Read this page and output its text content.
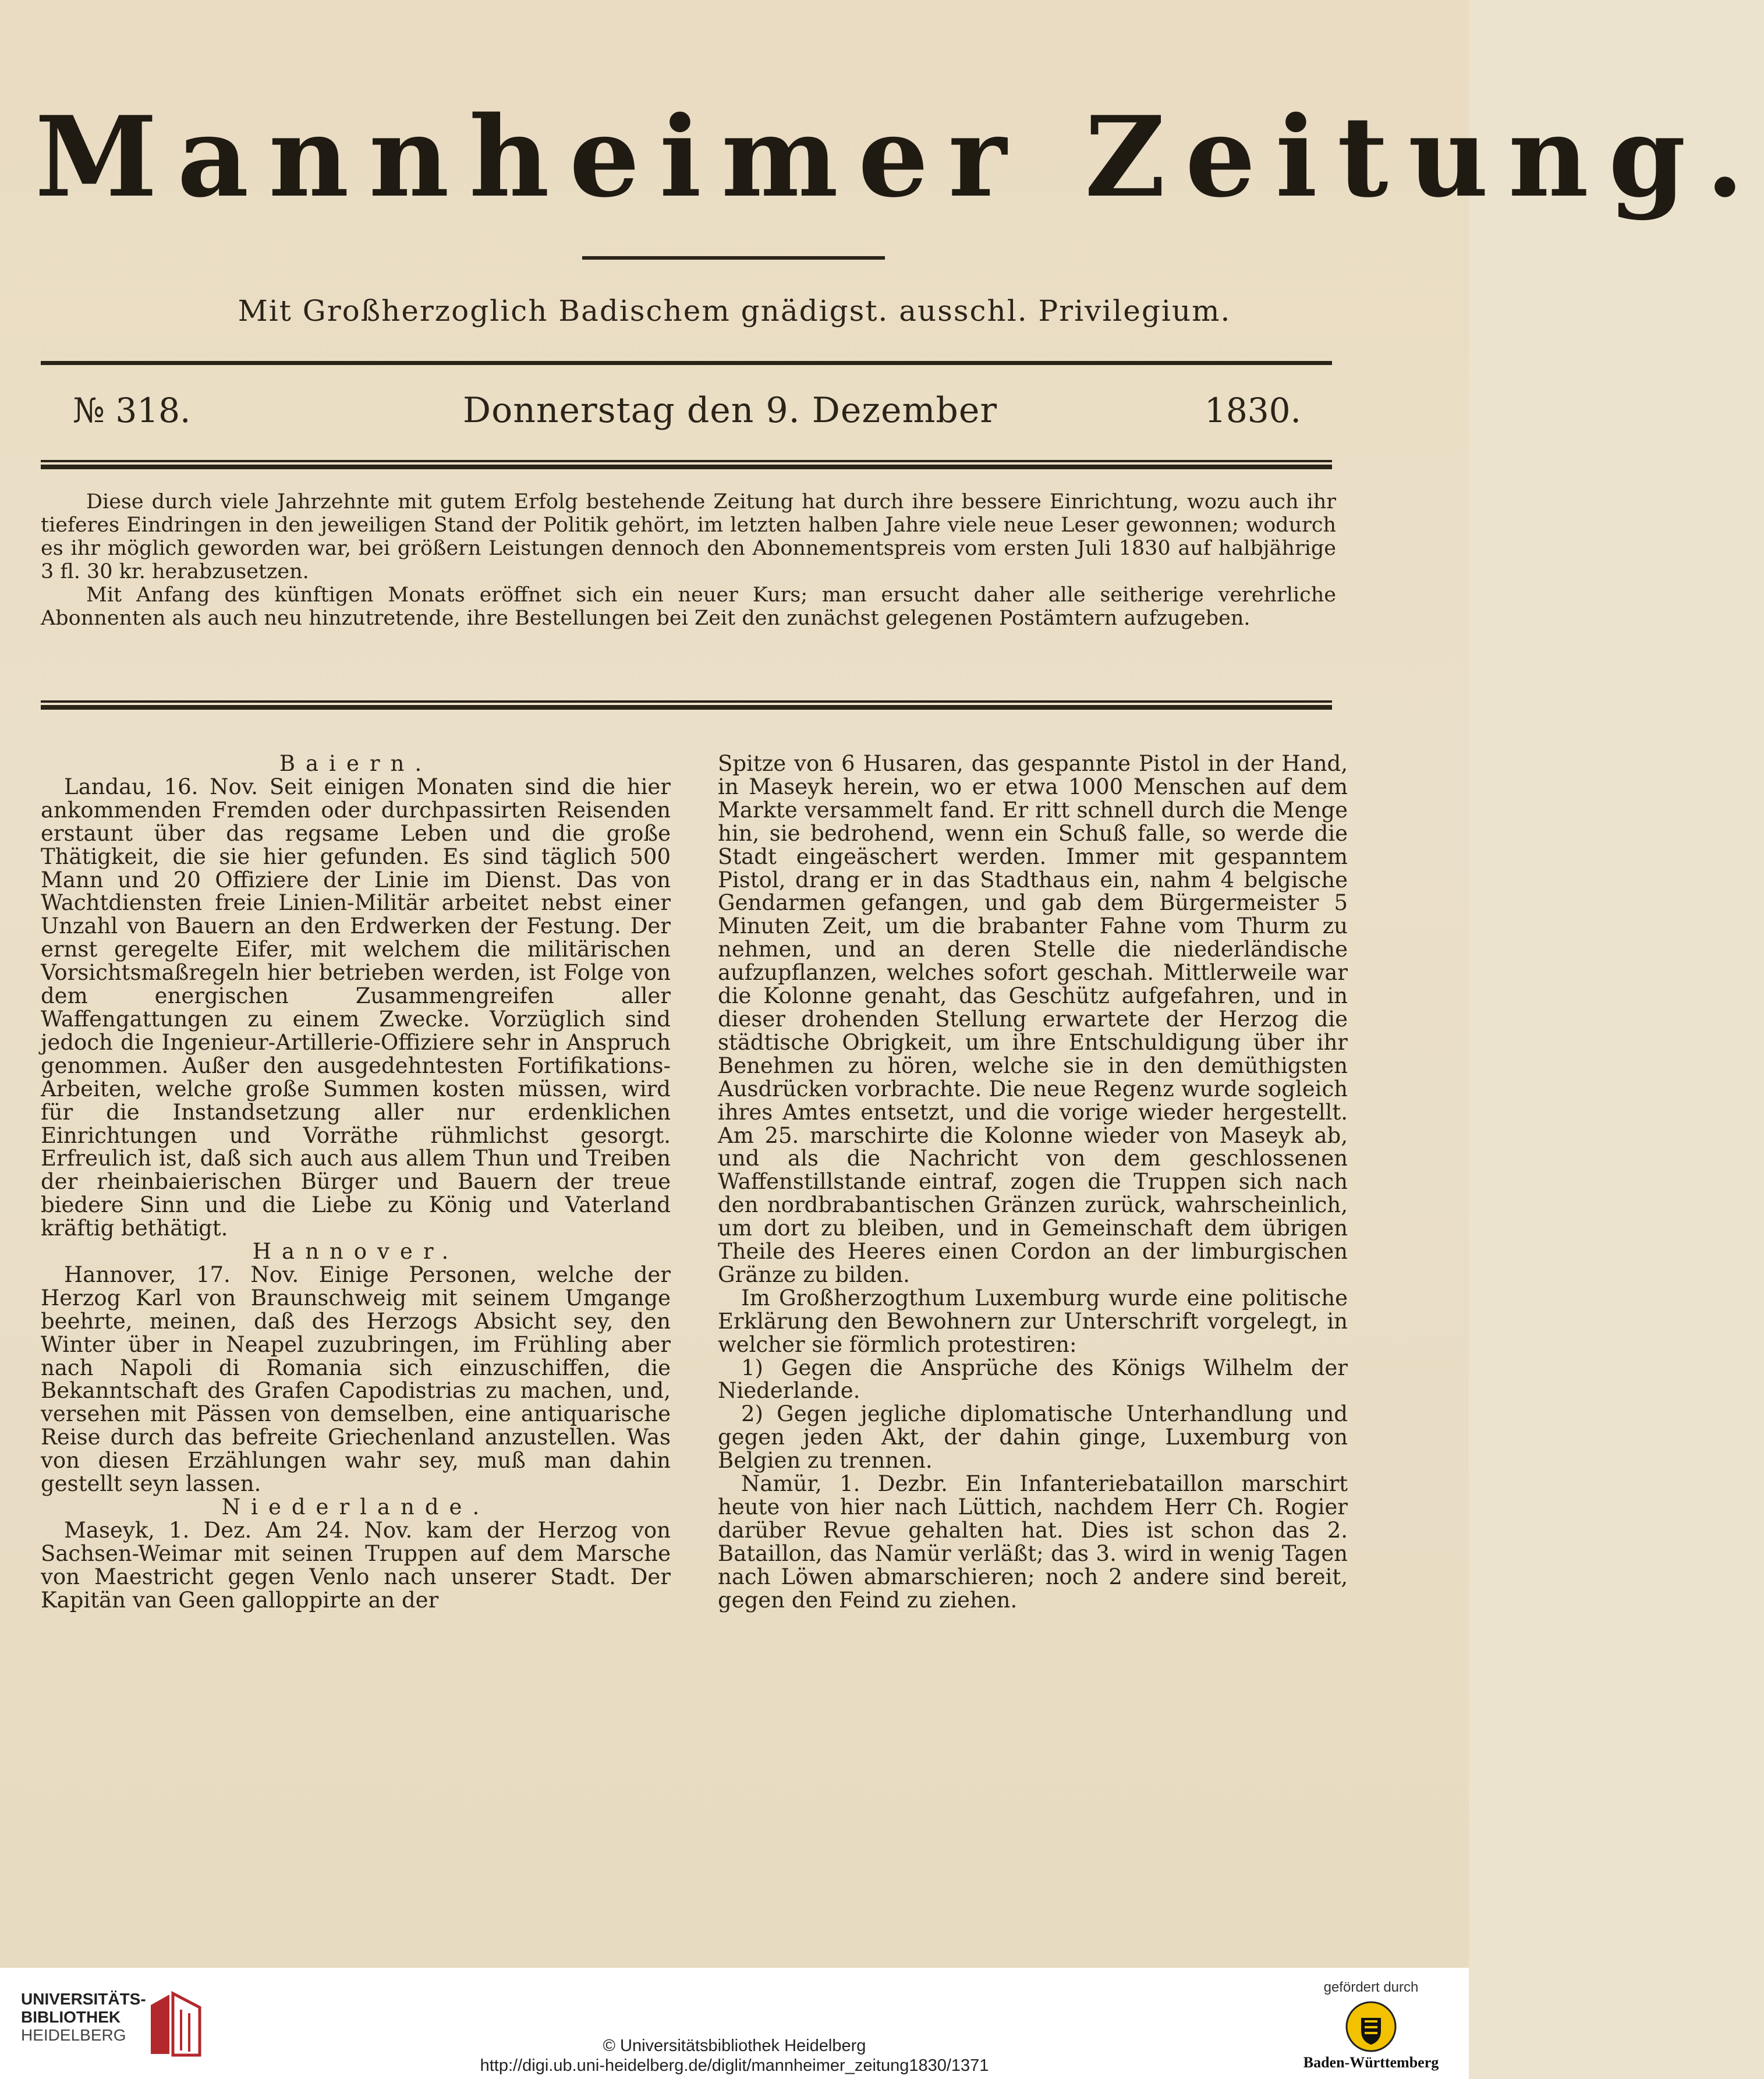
Mannheimer Zeitung.
Mit Großherzoglich Badischem gnädigst. ausschl. Privilegium.
№ 318.	Donnerstag den 9. Dezember	1830.

Diese durch viele Jahrzehnte mit gutem Erfolg bestehende Zeitung hat durch ihre bessere Einrichtung, wozu auch ihr tieferes Eindringen in den jeweiligen Stand der Politik gehört, im letzten halben Jahre viele neue Leser gewonnen; wodurch es ihr möglich geworden war, bei größern Leistungen dennoch den Abonnementspreis vom ersten Juli 1830 auf halbjährige 3 fl. 30 kr. herabzusetzen.

Mit Anfang des künftigen Monats eröffnet sich ein neuer Kurs; man ersucht daher alle seitherige verehrliche Abonnenten als auch neu hinzutretende, ihre Bestellungen bei Zeit den zunächst gelegenen Postämtern aufzugeben.

Baiern.

Landau, 16. Nov. Seit einigen Monaten sind die hier ankommenden Fremden oder durchpassirten Reisenden erstaunt über das regsame Leben und die große Thätigkeit, die sie hier gefunden. Es sind täglich 500 Mann und 20 Offiziere der Linie im Dienst. Das von Wachtdiensten freie Linien-Militär arbeitet nebst einer Unzahl von Bauern an den Erdwerken der Festung. Der ernst geregelte Eifer, mit welchem die militärischen Vorsichtsmaßregeln hier betrieben werden, ist Folge von dem energischen Zusammengreifen aller Waffengattungen zu einem Zwecke. Vorzüglich sind jedoch die Ingenieur-Artillerie-Offiziere sehr in Anspruch genommen. Außer den ausgedehntesten Fortifikations-Arbeiten, welche große Summen kosten müssen, wird für die Instandsetzung aller nur erdenklichen Einrichtungen und Vorräthe rühmlichst gesorgt. Erfreulich ist, daß sich auch aus allem Thun und Treiben der rheinbaierischen Bürger und Bauern der treue biedere Sinn und die Liebe zu König und Vaterland kräftig bethätigt.

Hannover.

Hannover, 17. Nov. Einige Personen, welche der Herzog Karl von Braunschweig mit seinem Umgange beehrte, meinen, daß des Herzogs Absicht sey, den Winter über in Neapel zuzubringen, im Frühling aber nach Napoli di Romania sich einzuschiffen, die Bekanntschaft des Grafen Capodistrias zu machen, und, versehen mit Pässen von demselben, eine antiquarische Reise durch das befreite Griechenland anzustellen. Was von diesen Erzählungen wahr sey, muß man dahin gestellt seyn lassen.

Niederlande.

Maseyk, 1. Dez. Am 24. Nov. kam der Herzog von Sachsen-Weimar mit seinen Truppen auf dem Marsche von Maestricht gegen Venlo nach unserer Stadt. Der Kapitän van Geen galloppirte an der

Spitze von 6 Husaren, das gespannte Pistol in der Hand, in Maseyk herein, wo er etwa 1000 Menschen auf dem Markte versammelt fand. Er ritt schnell durch die Menge hin, sie bedrohend, wenn ein Schuß falle, so werde die Stadt eingeäschert werden. Immer mit gespanntem Pistol, drang er in das Stadthaus ein, nahm 4 belgische Gendarmen gefangen, und gab dem Bürgermeister 5 Minuten Zeit, um die brabanter Fahne vom Thurm zu nehmen, und an deren Stelle die niederländische aufzupflanzen, welches sofort geschah. Mittlerweile war die Kolonne genaht, das Geschütz aufgefahren, und in dieser drohenden Stellung erwartete der Herzog die städtische Obrigkeit, um ihre Entschuldigung über ihr Benehmen zu hören, welche sie in den demüthigsten Ausdrücken vorbrachte. Die neue Regenz wurde sogleich ihres Amtes entsetzt, und die vorige wieder hergestellt. Am 25. marschirte die Kolonne wieder von Maseyk ab, und als die Nachricht von dem geschlossenen Waffenstillstande eintraf, zogen die Truppen sich nach den nordbrabantischen Gränzen zurück, wahrscheinlich, um dort zu bleiben, und in Gemeinschaft dem übrigen Theile des Heeres einen Cordon an der limburgischen Gränze zu bilden.

Im Großherzogthum Luxemburg wurde eine politische Erklärung den Bewohnern zur Unterschrift vorgelegt, in welcher sie förmlich protestiren:

1) Gegen die Ansprüche des Königs Wilhelm der Niederlande.

2) Gegen jegliche diplomatische Unterhandlung und gegen jeden Akt, der dahin ginge, Luxemburg von Belgien zu trennen.

Namür, 1. Dezbr. Ein Infanteriebataillon marschirt heute von hier nach Lüttich, nachdem Herr Ch. Rogier darüber Revue gehalten hat. Dies ist schon das 2. Bataillon, das Namür verläßt; das 3. wird in wenig Tagen nach Löwen abmarschieren; noch 2 andere sind bereit, gegen den Feind zu ziehen.

UNIVERSITÄTS-
BIBLIOTHEK
HEIDELBERG
© Universitätsbibliothek Heidelberg
http://digi.ub.uni-heidelberg.de/diglit/mannheimer_zeitung1830/1371
gefördert durch
Baden-Württemberg
